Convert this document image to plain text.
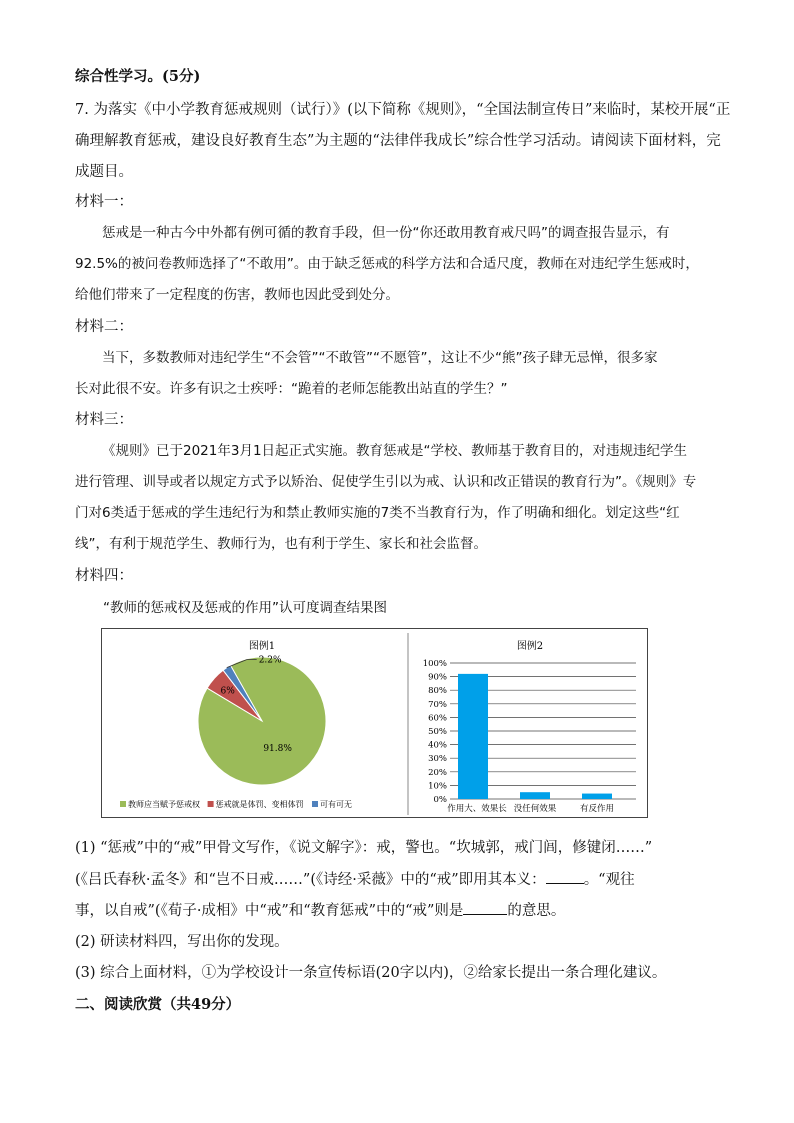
综合性学习。(5分)
7. 为落实《中小学教育惩戒规则（试行）》(以下简称《规则》，“全国法制宣传日”来临时，某校开展“正
确理解教育惩戒，建设良好教育生态”为主题的“法律伴我成长”综合性学习活动。请阅读下面材料，完
成题目。
材料一：
惩戒是一种古今中外都有例可循的教育手段，但一份“你还敢用教育戒尺吗”的调查报告显示，有
92.5%的被问卷教师选择了“不敢用”。由于缺乏惩戒的科学方法和合适尺度，教师在对违纪学生惩戒时，
给他们带来了一定程度的伤害，教师也因此受到处分。
材料二：
当下，多数教师对违纪学生“不会管”“不敢管”“不愿管”，这让不少“熊”孩子肆无忌惮，很多家
长对此很不安。许多有识之士疾呼：“跪着的老师怎能教出站直的学生？”
材料三：
《规则》已于2021年3月1日起正式实施。教育惩戒是“学校、教师基于教育目的，对违规违纪学生
进行管理、训导或者以规定方式予以矫治、促使学生引以为戒、认识和改正错误的教育行为”。《规则》专
门对6类适于惩戒的学生违纪行为和禁止教师实施的7类不当教育行为，作了明确和细化。划定这些“红
线”，有利于规范学生、教师行为，也有利于学生、家长和社会监督。
材料四：
“教师的惩戒权及惩戒的作用”认可度调查结果图
图例1
91.8%
6%
2.2%
教师应当赋予惩戒权 惩戒就是体罚、变相体罚 可有可无
图例2
0%
10%
20%
30%
40%
50%
60%
70%
80%
90%
100%
作用大、效果长 没任何效果	有反作用
(1) “惩戒”中的“戒”甲骨文写作，《说文解字》：戒，警也。“坎城郭，戒门闾，修键闭……”
(《吕氏春秋·孟冬》和“岂不日戒……”(《诗经·采薇》中的“戒”即用其本义：	。“观往
事，以自戒”(《荀子·成相》中“戒”和“教育惩戒”中的“戒”则是	的意思。
(2) 研读材料四，写出你的发现。
(3) 综合上面材料，①为学校设计一条宣传标语(20字以内)，②给家长提出一条合理化建议。
二、阅读欣赏（共49分）
